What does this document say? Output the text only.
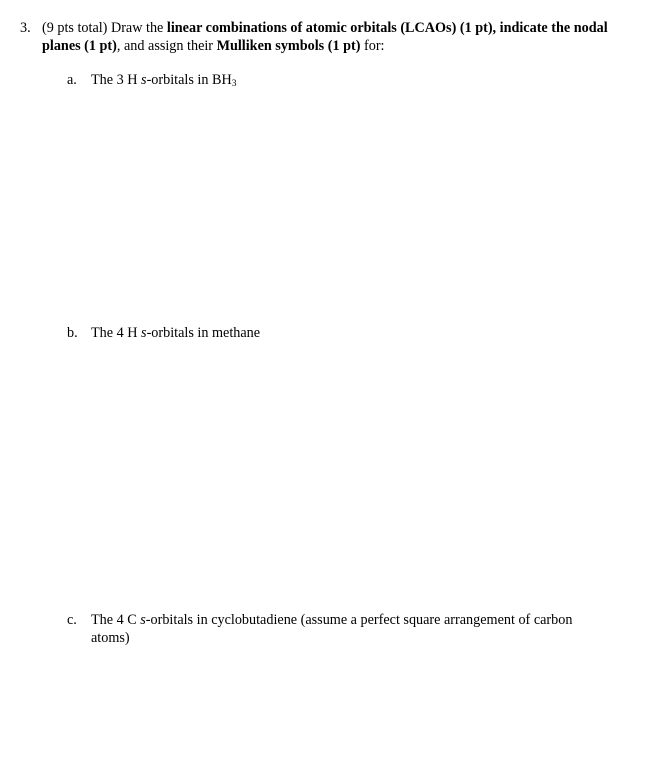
3. (9 pts total) Draw the linear combinations of atomic orbitals (LCAOs) (1 pt), indicate the nodal planes (1 pt), and assign their Mulliken symbols (1 pt) for:
a. The 3 H s-orbitals in $BH_3$
b. The 4 H s-orbitals in methane
c. The 4 C s-orbitals in cyclobutadiene (assume a perfect square arrangement of carbon atoms)
